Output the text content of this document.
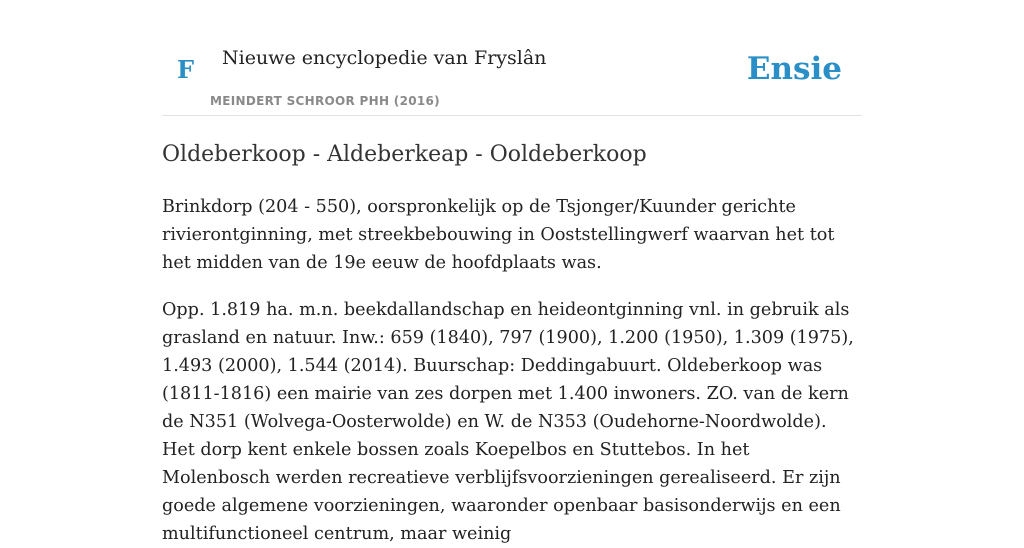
F Nieuwe encyclopedie van Fryslân
MEINDERT SCHROOR PHH (2016)
Ensie
Oldeberkoop - Aldeberkeap - Ooldeberkoop

Brinkdorp (204 - 550), oorspronkelijk op de Tsjonger/Kuunder gerichte rivierontginning, met streekbebouwing in Ooststellingwerf waarvan het tot het midden van de 19e eeuw de hoofdplaats was.

Opp. 1.819 ha. m.n. beekdallandschap en heideontginning vnl. in gebruik als grasland en natuur. Inw.: 659 (1840), 797 (1900), 1.200 (1950), 1.309 (1975), 1.493 (2000), 1.544 (2014). Buurschap: Deddingabuurt. Oldeberkoop was (1811-1816) een mairie van zes dorpen met 1.400 inwoners. ZO. van de kern de N351 (Wolvega-Oosterwolde) en W. de N353 (Oudehorne-Noordwolde). Het dorp kent enkele bossen zoals Koepelbos en Stuttebos. In het Molenbosch werden recreatieve verblijfsvoorzieningen gerealiseerd. Er zijn goede algemene voorzieningen, waaronder openbaar basisonderwijs en een multifunctioneel centrum, maar weinig
